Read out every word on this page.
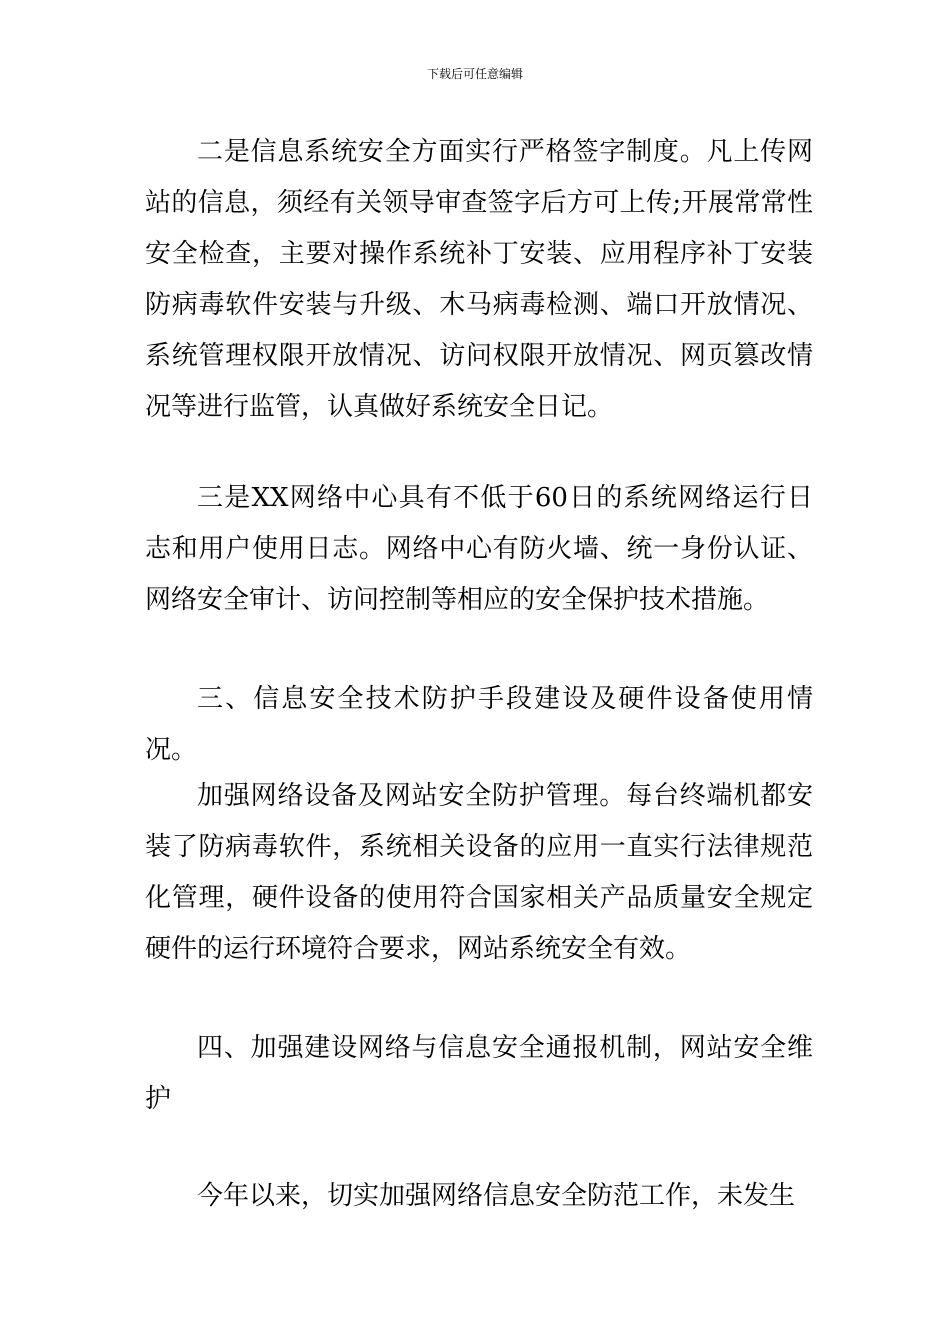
下载后可任意编辑

二是信息系统安全方面实行严格签字制度。凡上传网站的信息，须经有关领导审查签字后方可上传;开展常常性安全检查，主要对操作系统补丁安装、应用程序补丁安装防病毒软件安装与升级、木马病毒检测、端口开放情况、系统管理权限开放情况、访问权限开放情况、网页篡改情况等进行监管，认真做好系统安全日记。

三是XX网络中心具有不低于60日的系统网络运行日志和用户使用日志。网络中心有防火墙、统一身份认证、网络安全审计、访问控制等相应的安全保护技术措施。

三、信息安全技术防护手段建设及硬件设备使用情况。

加强网络设备及网站安全防护管理。每台终端机都安装了防病毒软件，系统相关设备的应用一直实行法律规范化管理，硬件设备的使用符合国家相关产品质量安全规定硬件的运行环境符合要求，网站系统安全有效。

四、加强建设网络与信息安全通报机制，网站安全维护

今年以来，切实加强网络信息安全防范工作，未发生
